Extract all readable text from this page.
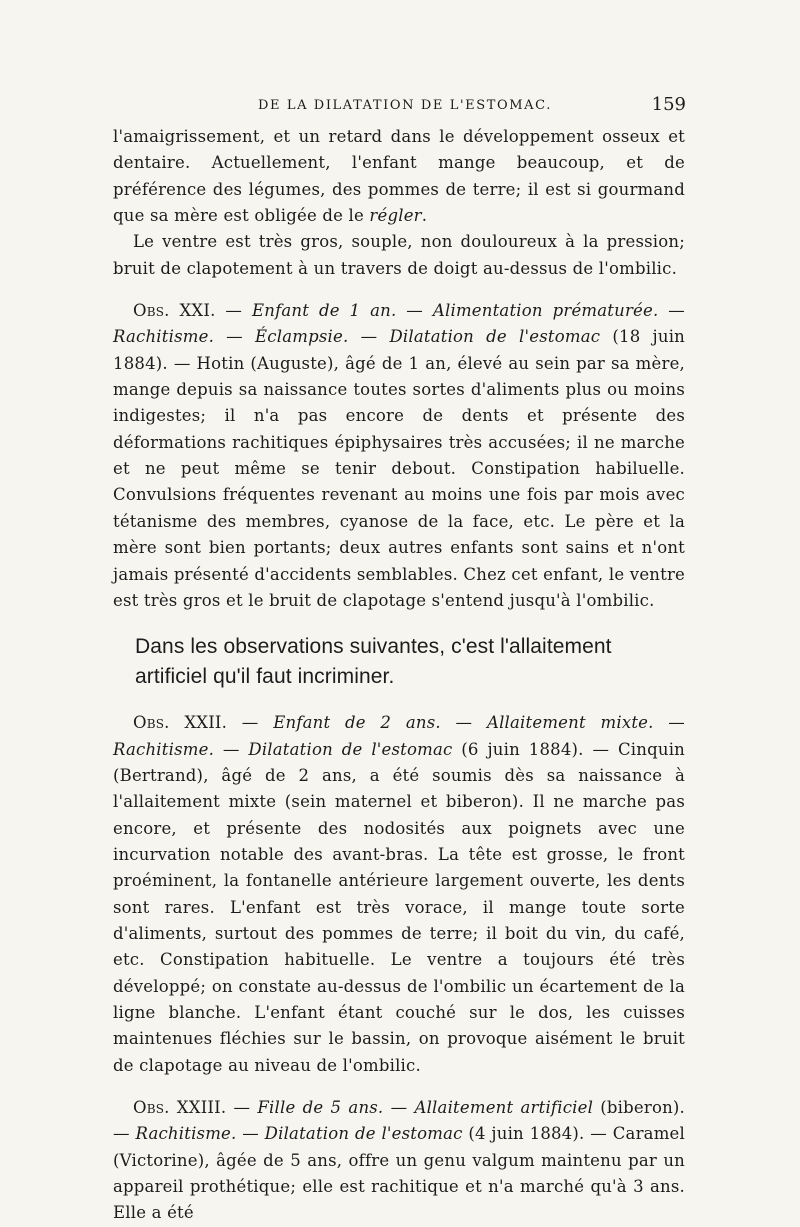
DE LA DILATATION DE L'ESTOMAC.	159

l'amaigrissement, et un retard dans le développement osseux et dentaire. Actuellement, l'enfant mange beaucoup, et de préférence des légumes, des pommes de terre; il est si gourmand que sa mère est obligée de le régler.

Le ventre est très gros, souple, non douloureux à la pression; bruit de clapotement à un travers de doigt au-dessus de l'ombilic.

Obs. XXI. — Enfant de 1 an. — Alimentation prématurée. — Rachitisme. — Éclampsie. — Dilatation de l'estomac (18 juin 1884). — Hotin (Auguste), âgé de 1 an, élevé au sein par sa mère, mange depuis sa naissance toutes sortes d'aliments plus ou moins indigestes; il n'a pas encore de dents et présente des déformations rachitiques épiphysaires très accusées; il ne marche et ne peut même se tenir debout. Constipation habiluelle. Convulsions fréquentes revenant au moins une fois par mois avec tétanisme des membres, cyanose de la face, etc. Le père et la mère sont bien portants; deux autres enfants sont sains et n'ont jamais présenté d'accidents semblables. Chez cet enfant, le ventre est très gros et le bruit de clapotage s'entend jusqu'à l'ombilic.

Dans les observations suivantes, c'est l'allaitement artificiel qu'il faut incriminer.

Obs. XXII. — Enfant de 2 ans. — Allaitement mixte. — Rachitisme. — Dilatation de l'estomac (6 juin 1884). — Cinquin (Bertrand), âgé de 2 ans, a été soumis dès sa naissance à l'allaitement mixte (sein maternel et biberon). Il ne marche pas encore, et présente des nodosités aux poignets avec une incurvation notable des avant-bras. La tête est grosse, le front proéminent, la fontanelle antérieure largement ouverte, les dents sont rares. L'enfant est très vorace, il mange toute sorte d'aliments, surtout des pommes de terre; il boit du vin, du café, etc. Constipation habituelle. Le ventre a toujours été très développé; on constate au-dessus de l'ombilic un écartement de la ligne blanche. L'enfant étant couché sur le dos, les cuisses maintenues fléchies sur le bassin, on provoque aisément le bruit de clapotage au niveau de l'ombilic.

Obs. XXIII. — Fille de 5 ans. — Allaitement artificiel (biberon). — Rachitisme. — Dilatation de l'estomac (4 juin 1884). — Caramel (Victorine), âgée de 5 ans, offre un genu valgum maintenu par un appareil prothétique; elle est rachitique et n'a marché qu'à 3 ans. Elle a été
